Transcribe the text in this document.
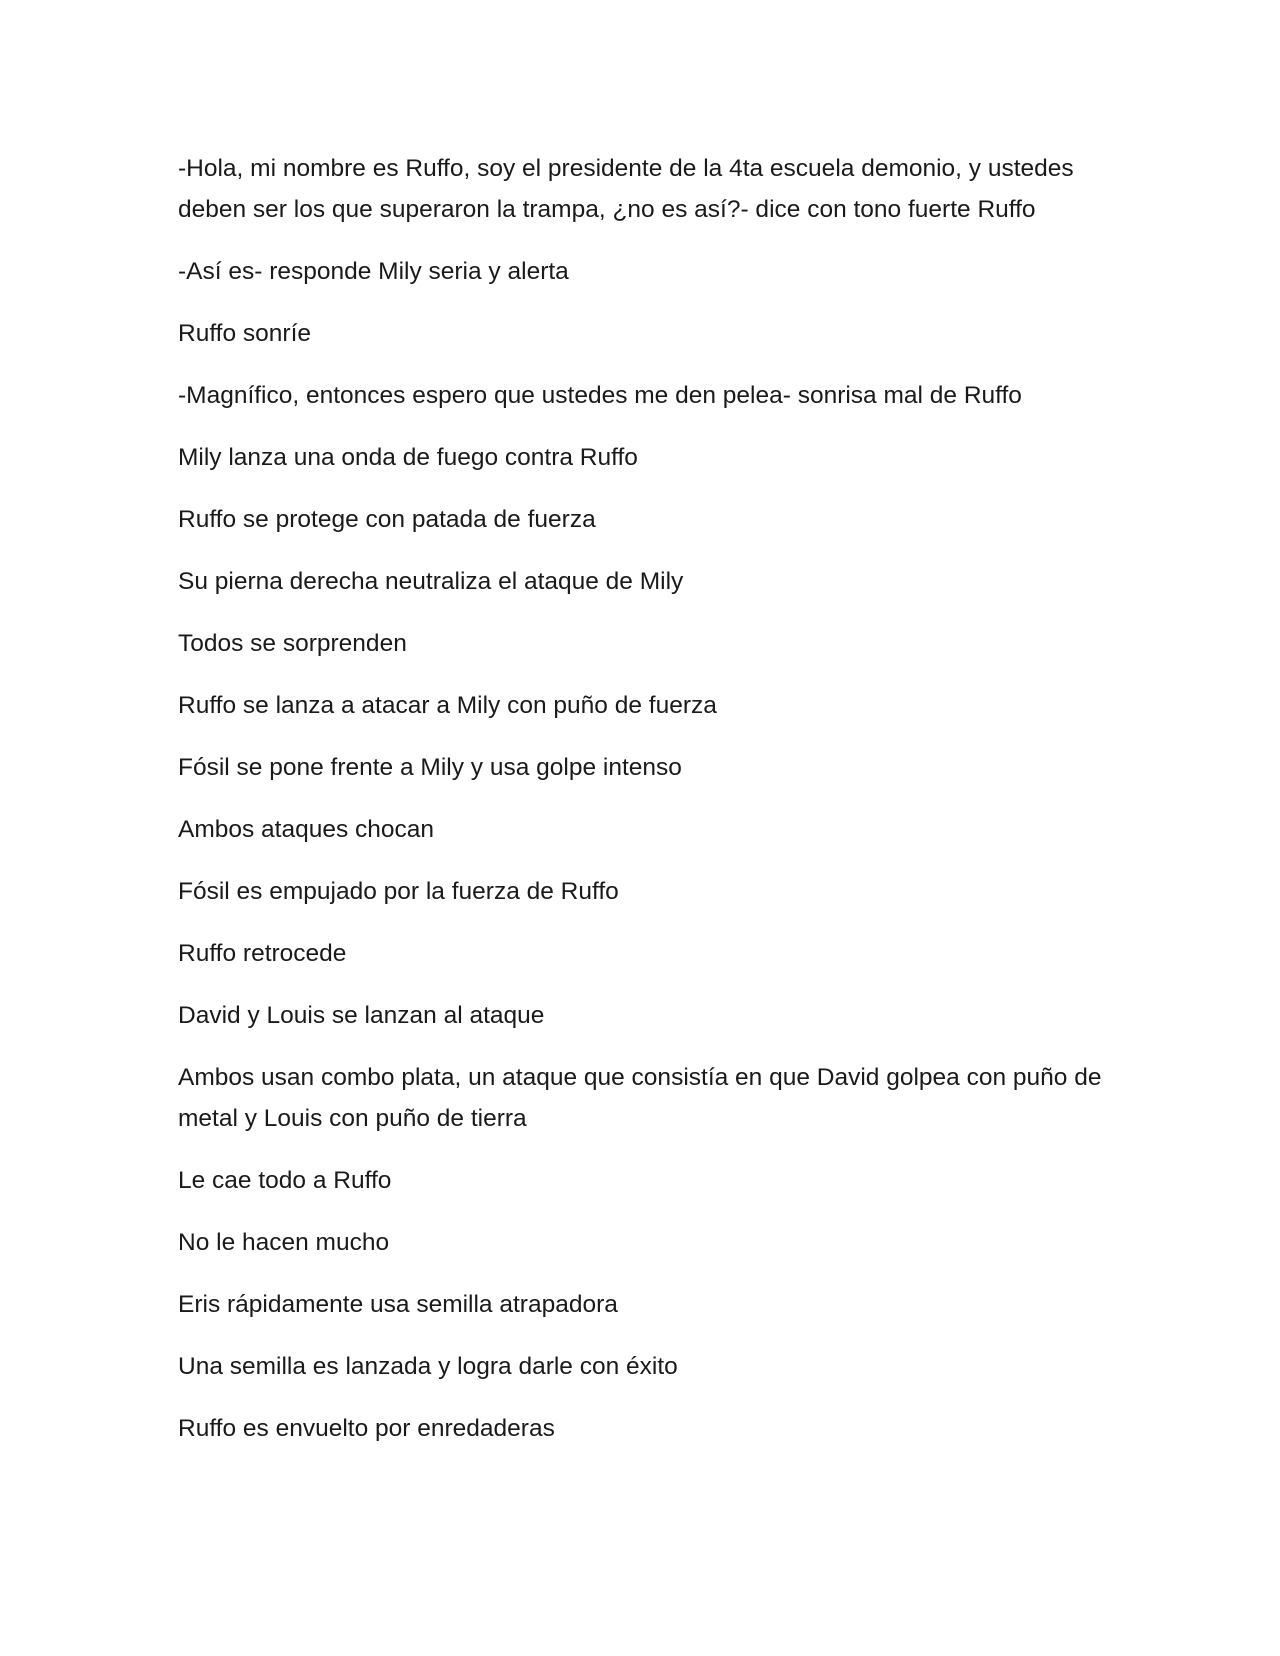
-Hola, mi nombre es Ruffo, soy el presidente de la 4ta escuela demonio, y ustedes deben ser los que superaron la trampa, ¿no es así?- dice con tono fuerte Ruffo

-Así es- responde Mily seria y alerta

Ruffo sonríe

-Magnífico, entonces espero que ustedes me den pelea- sonrisa mal de Ruffo

Mily lanza una onda de fuego contra Ruffo

Ruffo se protege con patada de fuerza

Su pierna derecha neutraliza el ataque de Mily

Todos se sorprenden

Ruffo se lanza a atacar a Mily con puño de fuerza

Fósil se pone frente a Mily y usa golpe intenso

Ambos ataques chocan

Fósil es empujado por la fuerza de Ruffo

Ruffo retrocede

David y Louis se lanzan al ataque

Ambos usan combo plata, un ataque que consistía en que David golpea con puño de metal y Louis con puño de tierra

Le cae todo a Ruffo

No le hacen mucho

Eris rápidamente usa semilla atrapadora

Una semilla es lanzada y logra darle con éxito

Ruffo es envuelto por enredaderas
